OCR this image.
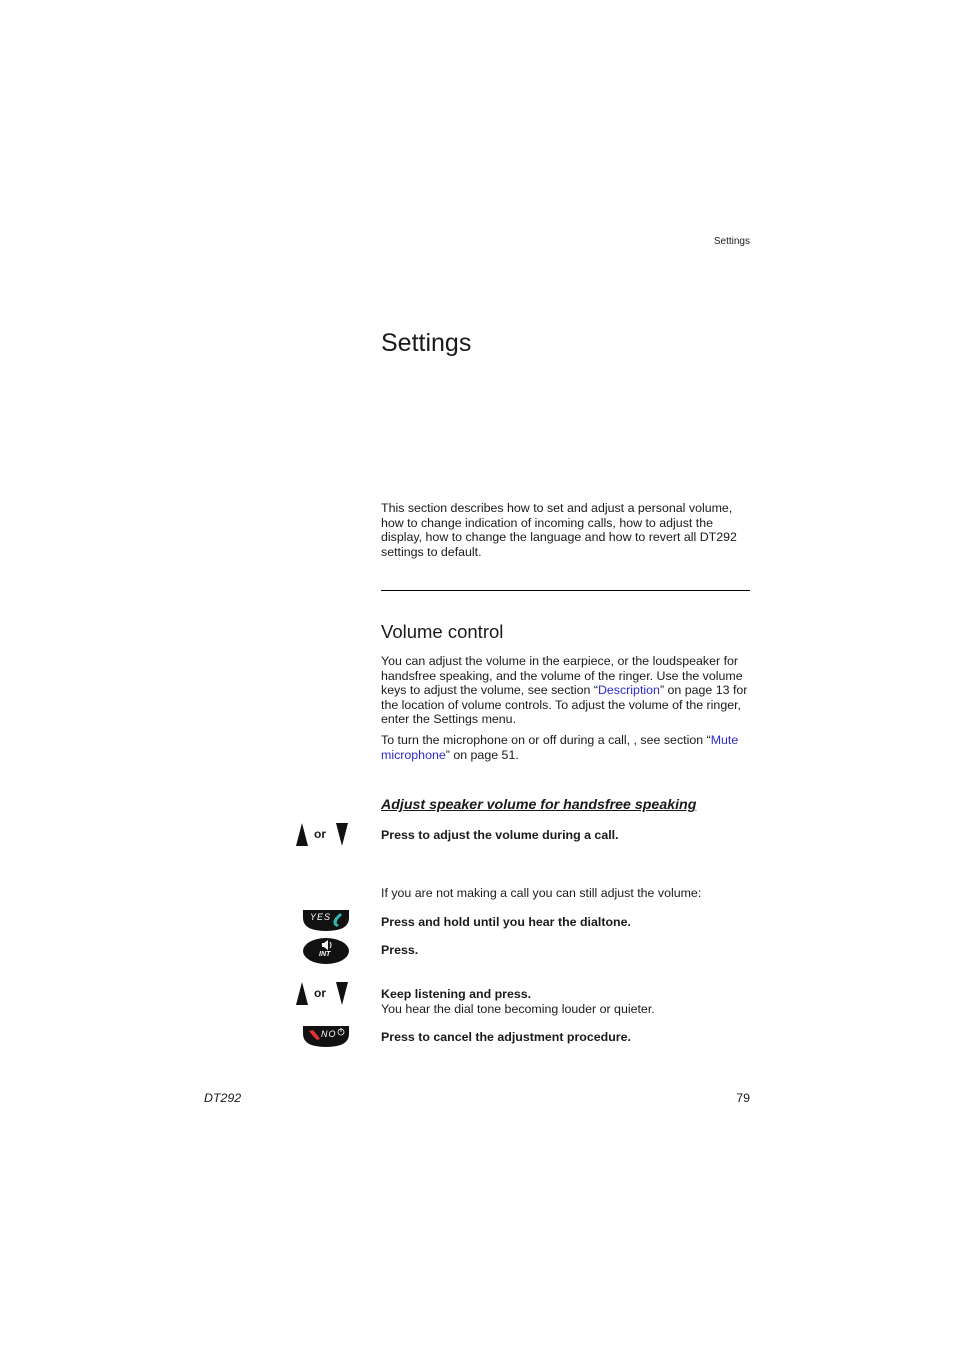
Settings
Settings

This section describes how to set and adjust a personal volume, how to change indication of incoming calls, how to adjust the display, how to change the language and how to revert all DT292 settings to default.

Volume control

You can adjust the volume in the earpiece, or the loudspeaker for handsfree speaking, and the volume of the ringer. Use the volume keys to adjust the volume, see section “Description” on page 13 for the location of volume controls. To adjust the volume of the ringer, enter the Settings menu.

To turn the microphone on or off during a call, , see section “Mute microphone” on page 51.

Adjust speaker volume for handsfree speaking
or	Press to adjust the volume during a call.
If you are not making a call you can still adjust the volume:
YES	Press and hold until you hear the dialtone.
INT	Press.
or	Keep listening and press.
You hear the dial tone becoming louder or quieter.
NO	Press to cancel the adjustment procedure.
DT292	79
